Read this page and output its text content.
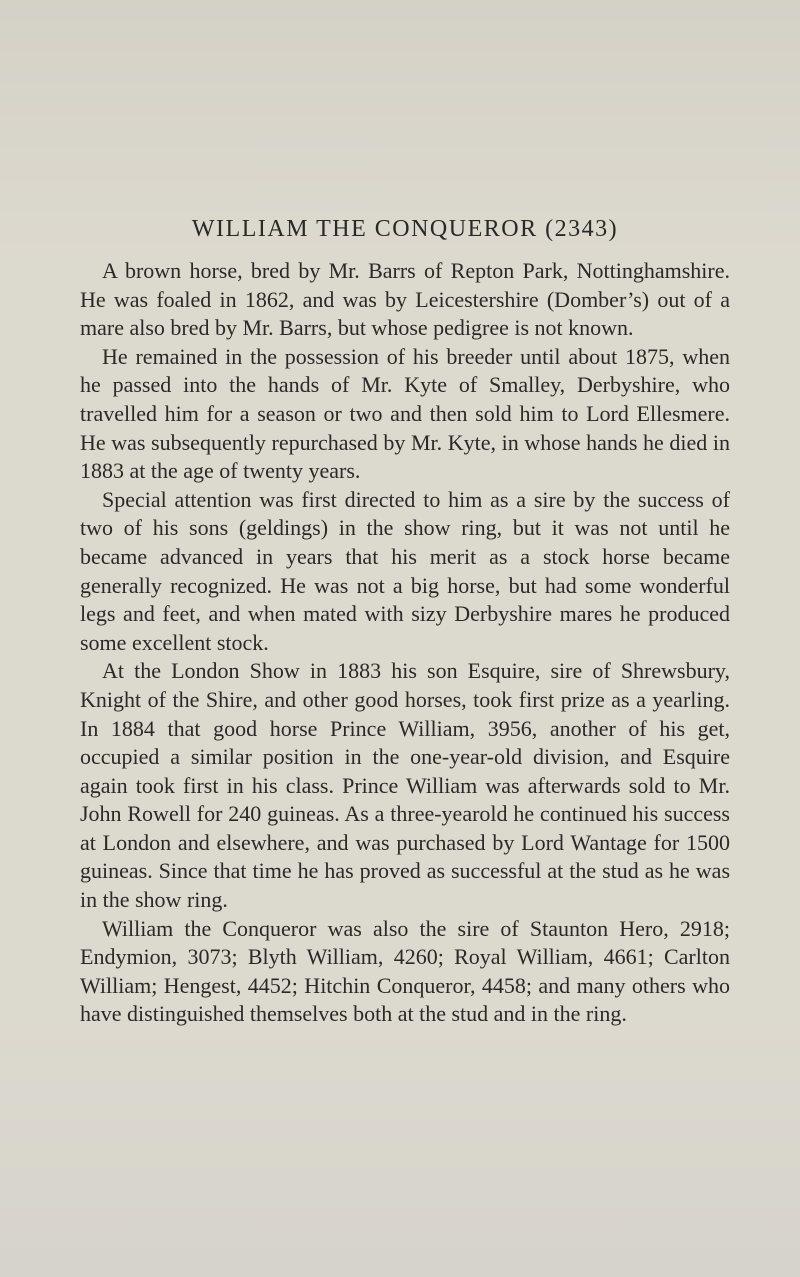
WILLIAM THE CONQUEROR (2343)

A brown horse, bred by Mr. Barrs of Repton Park, Nottinghamshire. He was foaled in 1862, and was by Leicestershire (Domber’s) out of a mare also bred by Mr. Barrs, but whose pedigree is not known.

He remained in the possession of his breeder until about 1875, when he passed into the hands of Mr. Kyte of Smalley, Derbyshire, who travelled him for a season or two and then sold him to Lord Ellesmere. He was subsequently repurchased by Mr. Kyte, in whose hands he died in 1883 at the age of twenty years.

Special attention was first directed to him as a sire by the success of two of his sons (geldings) in the show ring, but it was not until he became advanced in years that his merit as a stock horse became generally recognized. He was not a big horse, but had some wonderful legs and feet, and when mated with sizy Derbyshire mares he produced some excellent stock.

At the London Show in 1883 his son Esquire, sire of Shrewsbury, Knight of the Shire, and other good horses, took first prize as a yearling. In 1884 that good horse Prince William, 3956, another of his get, occupied a similar position in the one-year-old division, and Esquire again took first in his class. Prince William was afterwards sold to Mr. John Rowell for 240 guineas. As a three-yearold he continued his success at London and elsewhere, and was purchased by Lord Wantage for 1500 guineas. Since that time he has proved as successful at the stud as he was in the show ring.

William the Conqueror was also the sire of Staunton Hero, 2918; Endymion, 3073; Blyth William, 4260; Royal William, 4661; Carlton William; Hengest, 4452; Hitchin Conqueror, 4458; and many others who have distinguished themselves both at the stud and in the ring.
